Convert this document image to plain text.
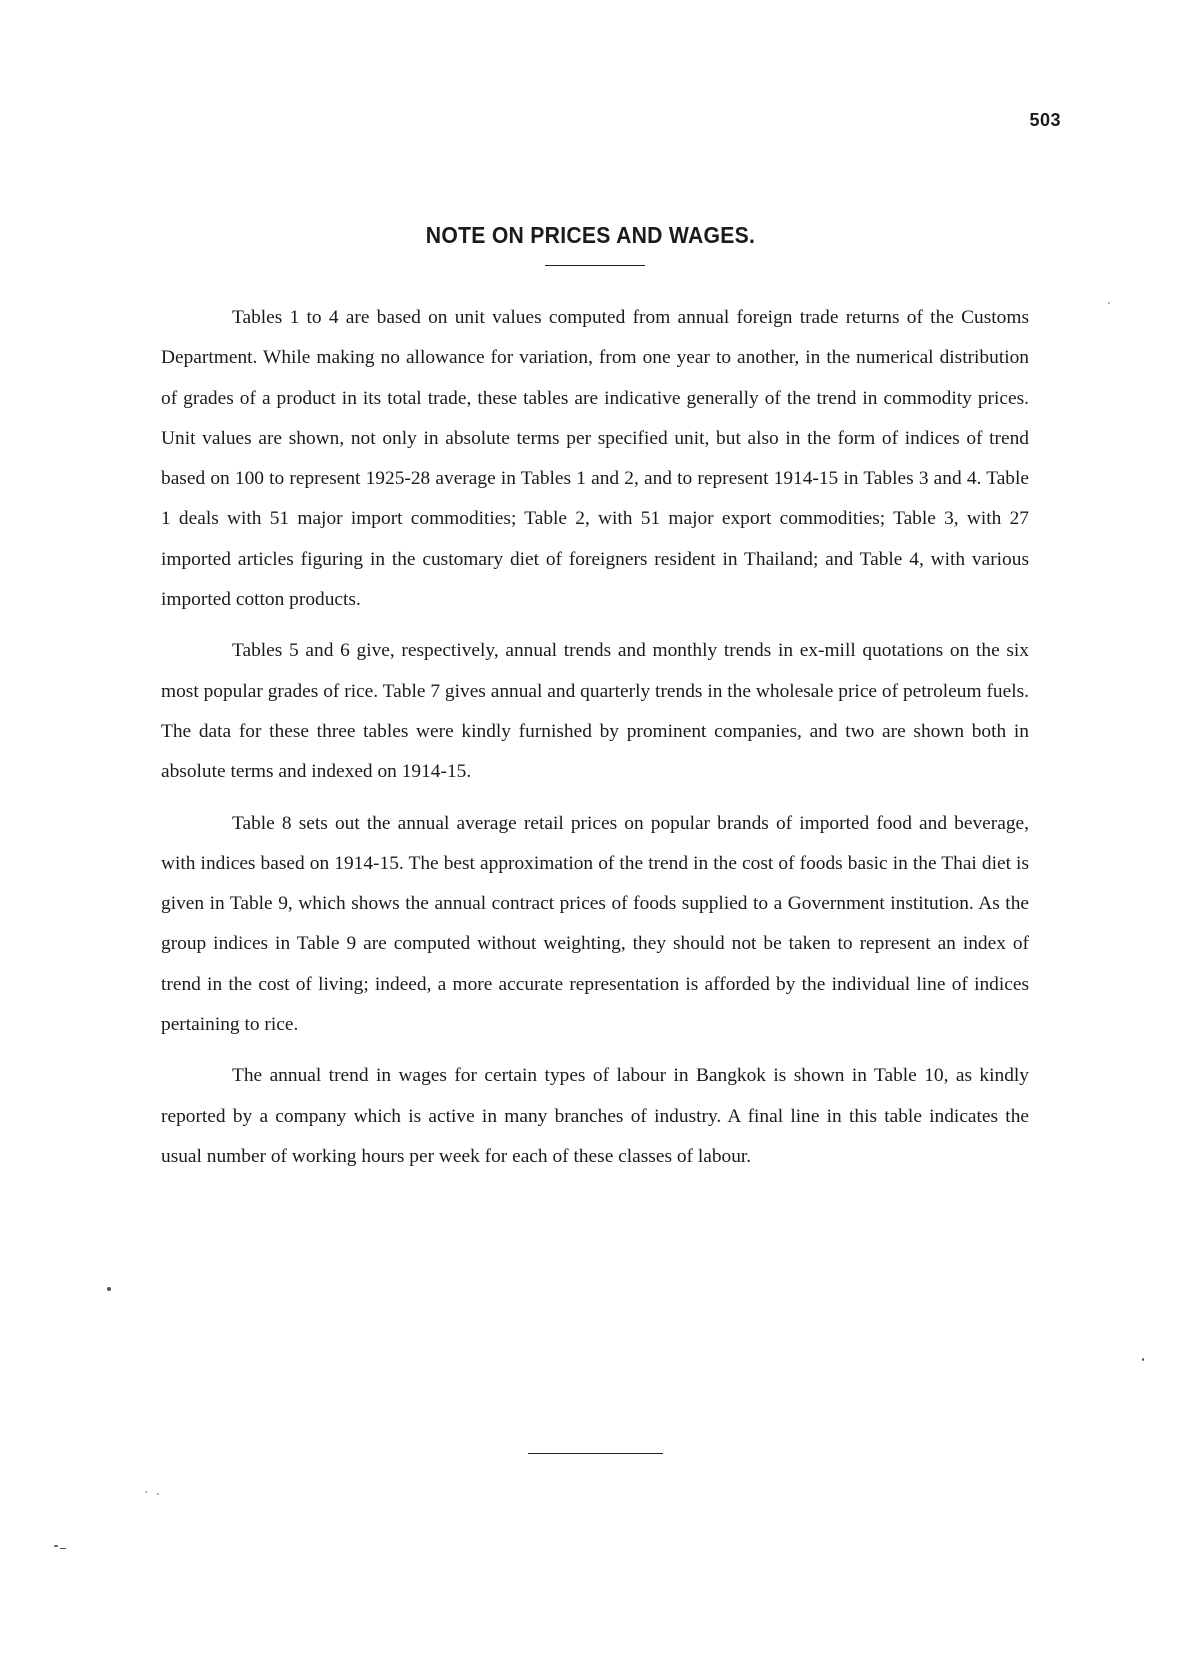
503
NOTE ON PRICES AND WAGES.

Tables 1 to 4 are based on unit values computed from annual foreign trade returns of the Customs Department. While making no allowance for variation, from one year to another, in the numerical distribution of grades of a product in its total trade, these tables are indicative generally of the trend in commodity prices. Unit values are shown, not only in absolute terms per specified unit, but also in the form of indices of trend based on 100 to represent 1925-28 average in Tables 1 and 2, and to represent 1914-15 in Tables 3 and 4. Table 1 deals with 51 major import commodities; Table 2, with 51 major export commodities; Table 3, with 27 imported articles figuring in the customary diet of foreigners resident in Thailand; and Table 4, with various imported cotton products.

Tables 5 and 6 give, respectively, annual trends and monthly trends in ex-mill quotations on the six most popular grades of rice. Table 7 gives annual and quarterly trends in the wholesale price of petroleum fuels. The data for these three tables were kindly furnished by prominent companies, and two are shown both in absolute terms and indexed on 1914-15.

Table 8 sets out the annual average retail prices on popular brands of imported food and beverage, with indices based on 1914-15. The best approximation of the trend in the cost of foods basic in the Thai diet is given in Table 9, which shows the annual contract prices of foods supplied to a Government institution. As the group indices in Table 9 are computed without weighting, they should not be taken to represent an index of trend in the cost of living; indeed, a more accurate representation is afforded by the individual line of indices pertaining to rice.

The annual trend in wages for certain types of labour in Bangkok is shown in Table 10, as kindly reported by a company which is active in many branches of industry. A final line in this table indicates the usual number of working hours per week for each of these classes of labour.
